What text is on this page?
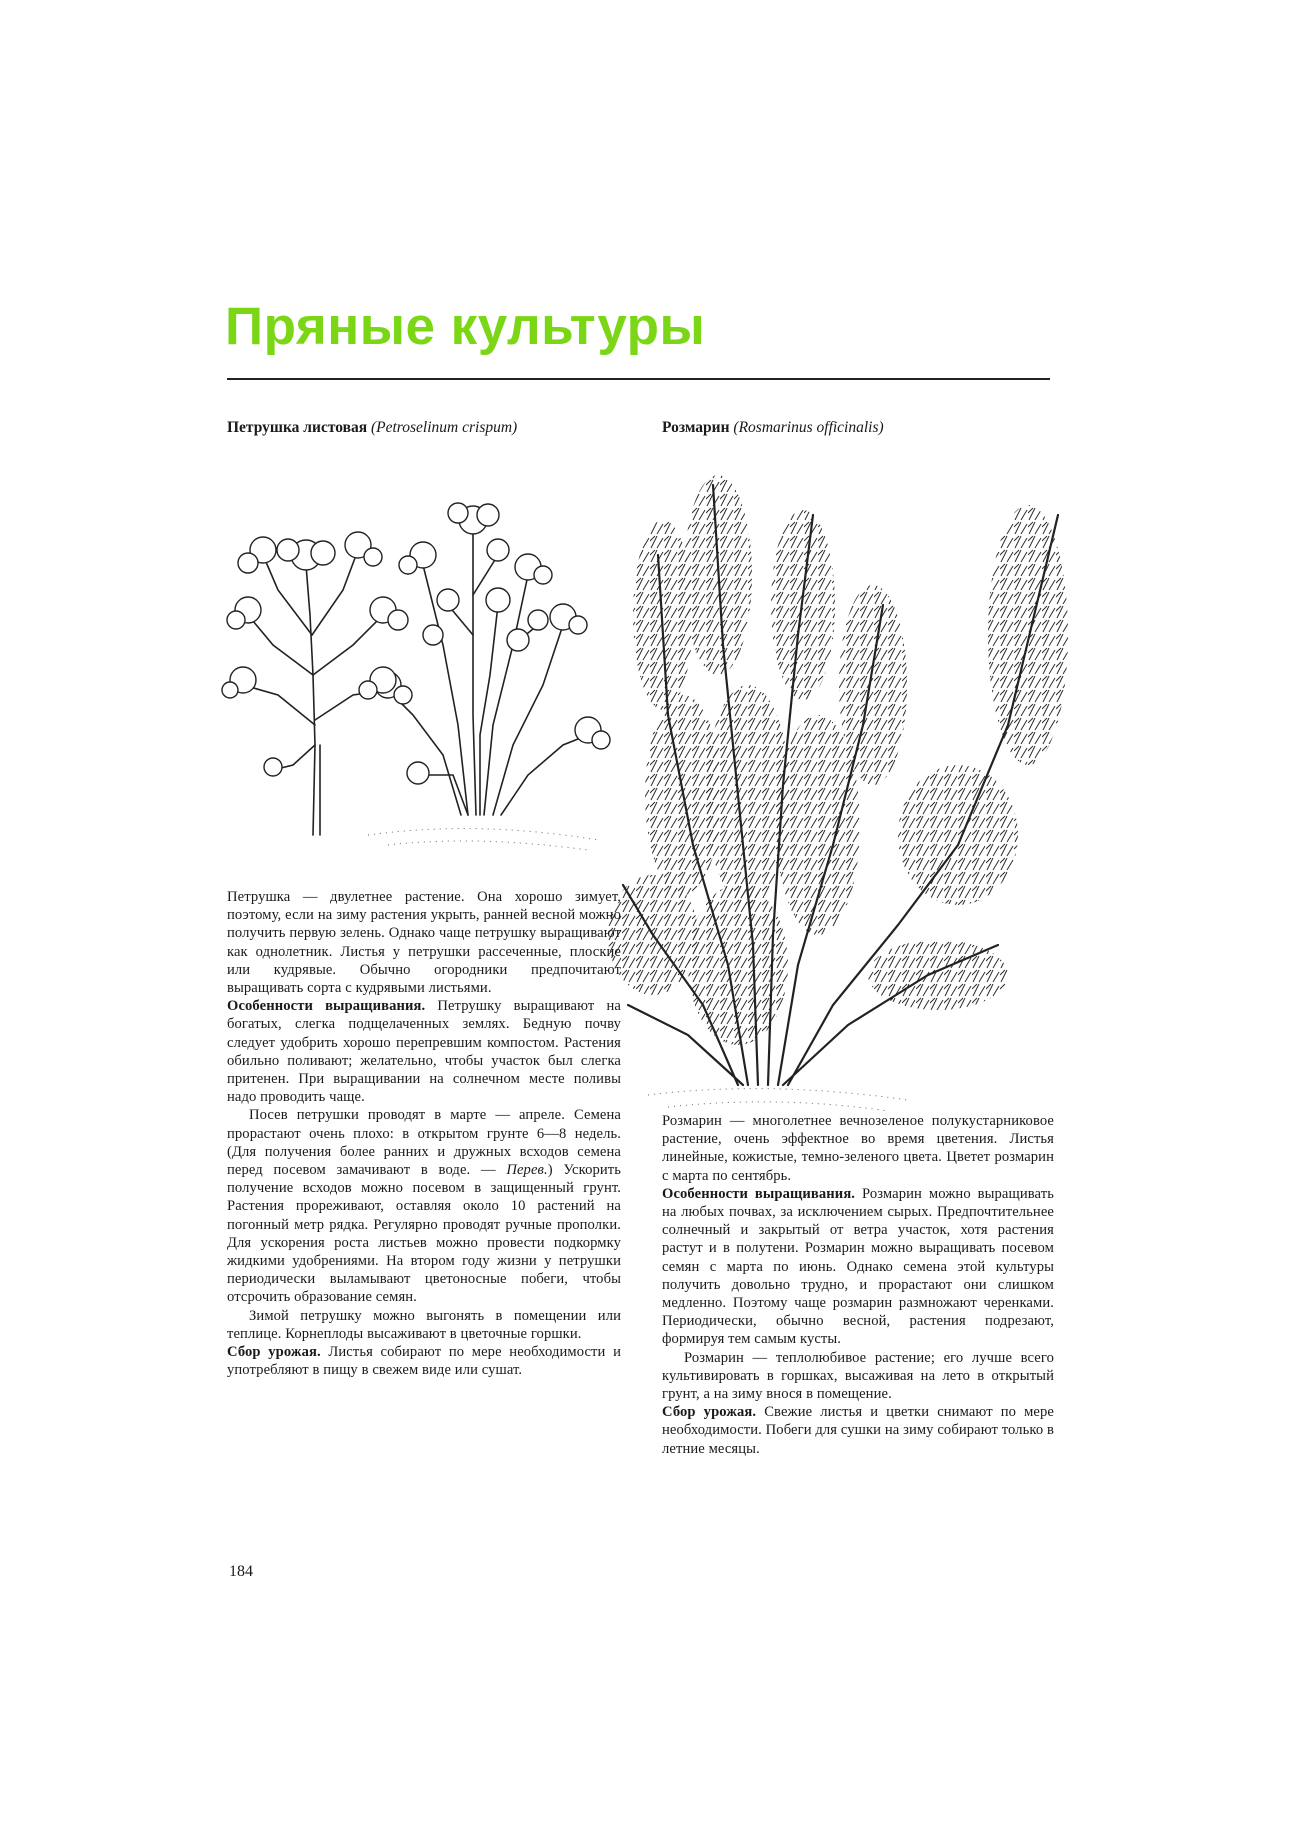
Пряные культуры
Петрушка листовая (Petroselinum crispum)	Розмарин (Rosmarinus officinalis)

Петрушка — двулетнее растение. Она хорошо зимует, поэтому, если на зиму растения укрыть, ранней весной можно получить первую зелень. Однако чаще петрушку выращивают как однолетник. Листья у петрушки рассеченные, плоские или кудрявые. Обычно огородники предпочитают выращивать сорта с кудрявыми листьями.

Особенности выращивания. Петрушку выращивают на богатых, слегка подщелаченных землях. Бедную почву следует удобрить хорошо перепревшим компостом. Растения обильно поливают; желательно, чтобы участок был слегка притенен. При выращивании на солнечном месте поливы надо проводить чаще.

Посев петрушки проводят в марте — апреле. Семена прорастают очень плохо: в открытом грунте 6—8 недель. (Для получения более ранних и дружных всходов семена перед посевом замачивают в воде. — Перев.) Ускорить получение всходов можно посевом в защищенный грунт. Растения прореживают, оставляя около 10 растений на погонный метр рядка. Регулярно проводят ручные прополки. Для ускорения роста листьев можно провести подкормку жидкими удобрениями. На втором году жизни у петрушки периодически выламывают цветоносные побеги, чтобы отсрочить образование семян.

Зимой петрушку можно выгонять в помещении или теплице. Корнеплоды высаживают в цветочные горшки.

Сбор урожая. Листья собирают по мере необходимости и употребляют в пищу в свежем виде или сушат.

Розмарин — многолетнее вечнозеленое полукустарниковое растение, очень эффектное во время цветения. Листья линейные, кожистые, темно-зеленого цвета. Цветет розмарин с марта по сентябрь.

Особенности выращивания. Розмарин можно выращивать на любых почвах, за исключением сырых. Предпочтительнее солнечный и закрытый от ветра участок, хотя растения растут и в полутени. Розмарин можно выращивать посевом семян с марта по июнь. Однако семена этой культуры получить довольно трудно, и прорастают они слишком медленно. Поэтому чаще розмарин размножают черенками. Периодически, обычно весной, растения подрезают, формируя тем самым кусты.

Розмарин — теплолюбивое растение; его лучше всего культивировать в горшках, высаживая на лето в открытый грунт, а на зиму внося в помещение.

Сбор урожая. Свежие листья и цветки снимают по мере необходимости. Побеги для сушки на зиму собирают только в летние месяцы.

184
